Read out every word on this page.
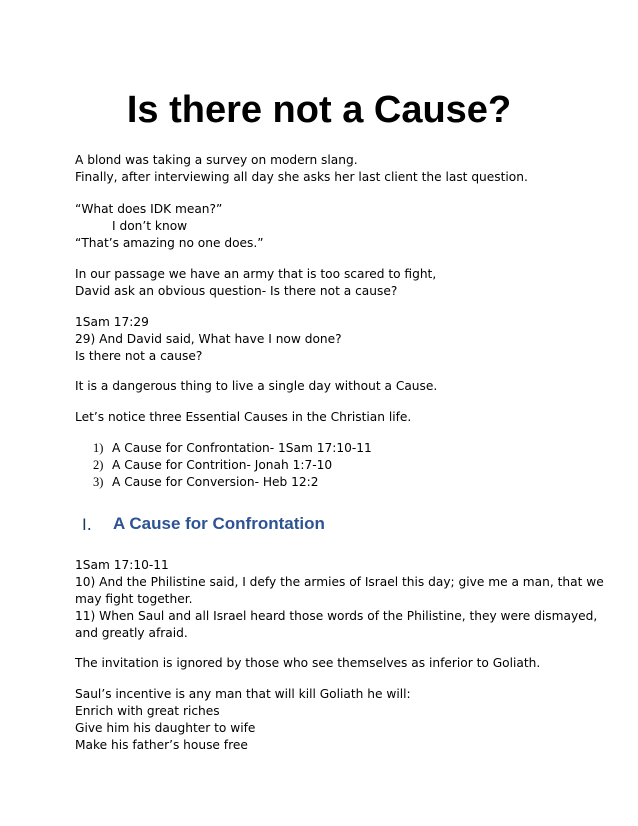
Is there not a Cause?
A blond was taking a survey on modern slang.
Finally, after interviewing all day she asks her last client the last question.
“What does IDK mean?”
I don’t know
“That’s amazing no one does.”
In our passage we have an army that is too scared to fight,
David ask an obvious question- Is there not a cause?
1Sam 17:29
29) And David said, What have I now done?
Is there not a cause?
It is a dangerous thing to live a single day without a Cause.
Let’s notice three Essential Causes in the Christian life.
1) A Cause for Confrontation- 1Sam 17:10-11
2) A Cause for Contrition- Jonah 1:7-10
3) A Cause for Conversion- Heb 12:2
I. A Cause for Confrontation
1Sam 17:10-11
10) And the Philistine said, I defy the armies of Israel this day; give me a man, that we
may fight together.
11) When Saul and all Israel heard those words of the Philistine, they were dismayed,
and greatly afraid.
The invitation is ignored by those who see themselves as inferior to Goliath.
Saul’s incentive is any man that will kill Goliath he will:
Enrich with great riches
Give him his daughter to wife
Make his father’s house free
